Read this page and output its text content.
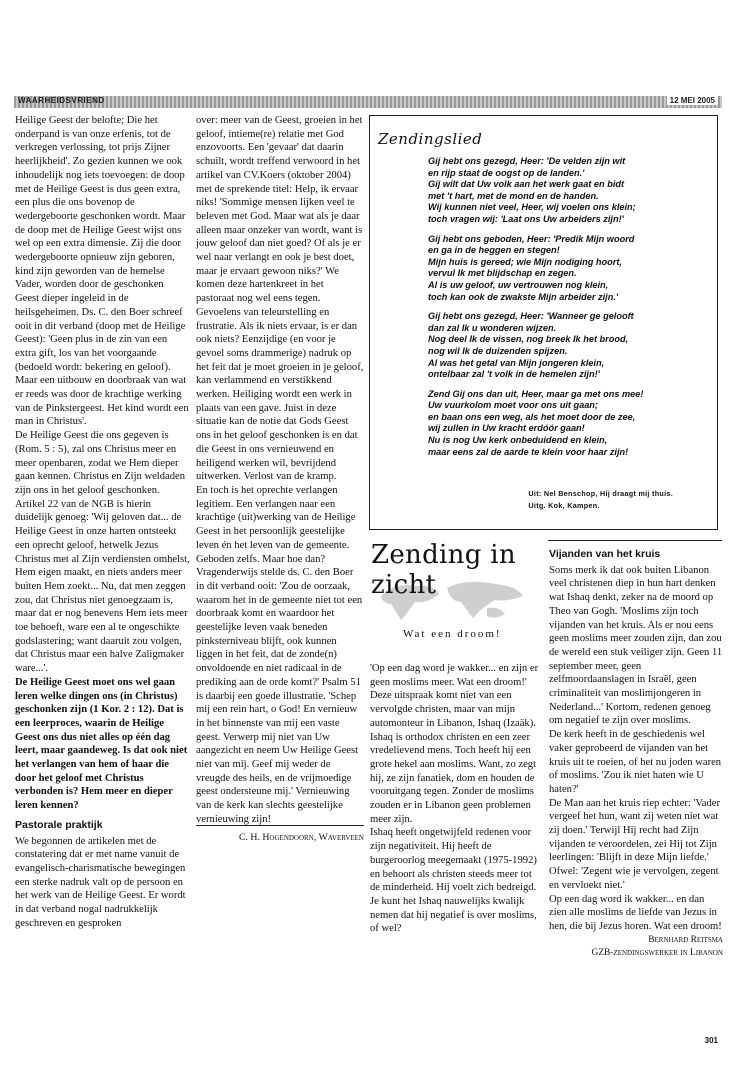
WAARHEIDSVRIEND	12 MEI 2005

Heilige Geest der belofte; Die het onderpand is van onze erfenis, tot de verkregen verlossing, tot prijs Zijner heerlijkheid'. Zo gezien kunnen we ook inhoudelijk nog iets toevoegen: de doop met de Heilige Geest is dus geen extra, een plus die ons bovenop de wedergeboorte geschonken wordt. Maar de doop met de Heilige Geest wijst ons wel op een extra dimensie. Zij die door wedergeboorte opnieuw zijn geboren, kind zijn geworden van de hemelse Vader, worden door de geschonken Geest dieper ingeleid in de heilsgeheimen. Ds. C. den Boer schreef ooit in dit verband (doop met de Heilige Geest): 'Geen plus in de zin van een extra gift, los van het voorgaande (bedoeld wordt: bekering en geloof). Maar een uitbouw en doorbraak van wat er reeds was door de krachtige werking van de Pinkstergeest. Het kind wordt een man in Christus'.

De Heilige Geest die ons gegeven is (Rom. 5 : 5), zal ons Christus meer en meer openbaren, zodat we Hem dieper gaan kennen. Christus en Zijn weldaden zijn ons in het geloof geschonken. Artikel 22 van de NGB is hierin duidelijk genoeg: 'Wij geloven dat... de Heilige Geest in onze harten ontsteekt een oprecht geloof, hetwelk Jezus Christus met al Zijn verdiensten omhelst, Hem eigen maakt, en niets anders meer buiten Hem zoekt... Nu, dat men zeggen zou, dat Christus niet genoegzaam is, maar dat er nog benevens Hem iets meer toe behoeft, ware een al te ongeschikte godslastering; want daaruit zou volgen, dat Christus maar een halve Zaligmaker ware...'.

De Heilige Geest moet ons wel gaan leren welke dingen ons (in Christus) geschonken zijn (1 Kor. 2 : 12). Dat is een leerproces, waarin de Heilige Geest ons dus niet alles op één dag leert, maar gaandeweg. Is dat ook niet het verlangen van hem of haar die door het geloof met Christus verbonden is? Hem meer en dieper leren kennen?

Pastorale praktijk

We begonnen de artikelen met de constatering dat er met name vanuit de evangelisch-charismatische bewegingen een sterke nadruk valt op de persoon en het werk van de Heilige Geest. Er wordt in dat verband nogal nadrukkelijk geschreven en gesproken

over: meer van de Geest, groeien in het geloof, intieme(re) relatie met God enzovoorts. Een 'gevaar' dat daarin schuilt, wordt treffend verwoord in het artikel van CV.Koers (oktober 2004) met de sprekende titel: Help, ik ervaar niks! 'Sommige mensen lijken veel te beleven met God. Maar wat als je daar alleen maar onzeker van wordt, want is jouw geloof dan niet goed? Of als je er wel naar verlangt en ook je best doet, maar je ervaart gewoon niks?' We komen deze hartenkreet in het pastoraat nog wel eens tegen. Gevoelens van teleurstelling en frustratie. Als ik niets ervaar, is er dan ook niets? Eenzijdige (en voor je gevoel soms drammerige) nadruk op het feit dat je moet groeien in je geloof, kan verlammend en verstikkend werken. Heiliging wordt een werk in plaats van een gave. Juist in deze situatie kan de notie dat Gods Geest ons in het geloof geschonken is en dat die Geest in ons vernieuwend en heiligend werken wil, bevrijdend uitwerken. Verlost van de kramp.

En toch is het oprechte verlangen legitiem. Een verlangen naar een krachtige (uit)werking van de Heilige Geest in het persoonlijk geestelijke leven én het leven van de gemeente. Geboden zelfs. Maar hoe dan? Vragenderwijs stelde ds. C. den Boer in dit verband ooit: 'Zou de oorzaak, waarom het in de gemeente niet tot een doorbraak komt en waardoor het geestelijke leven vaak beneden pinksterniveau blijft, ook kunnen liggen in het feit, dat de zonde(n) onvoldoende en niet radicaal in de prediking aan de orde komt?' Psalm 51 is daarbij een goede illustratie. 'Schep mij een rein hart, o God! En vernieuw in het binnenste van mij een vaste geest. Verwerp mij niet van Uw aangezicht en neem Uw Heilige Geest niet van mij. Geef mij weder de vreugde des heils, en de vrijmoedige geest ondersteune mij.' Vernieuwing van de kerk kan slechts geestelijke vernieuwing zijn!

C. H. Hogendoorn, Waverveen
Zendingslied
Gij hebt ons gezegd, Heer: 'De velden zijn wit
en rijp staat de oogst op de landen.'
Gij wilt dat Uw volk aan het werk gaat en bidt
met 't hart, met de mond en de handen.
Wij kunnen niet veel, Heer, wij voelen ons klein;
toch vragen wij: 'Laat ons Uw arbeiders zijn!'
Gij hebt ons geboden, Heer: 'Predik Mijn woord
en ga in de heggen en stegen!
Mijn huis is gereed; wie Mijn nodiging hoort,
vervul Ik met blijdschap en zegen.
Al is uw geloof, uw vertrouwen nog klein,
toch kan ook de zwakste Mijn arbeider zijn.'
Gij hebt ons gezegd, Heer: 'Wanneer ge gelooft
dan zal Ik u wonderen wijzen.
Nog deel Ik de vissen, nog breek Ik het brood,
nog wil Ik de duizenden spijzen.
Al was het getal van Mijn jongeren klein,
ontelbaar zal 't volk in de hemelen zijn!'
Zend Gij ons dan uit, Heer, maar ga met ons mee!
Uw vuurkolom moet voor ons uit gaan;
en baan ons een weg, als het moet door de zee,
wij zullen in Uw kracht erdóór gaan!
Nu is nog Uw kerk onbeduidend en klein,
maar eens zal de aarde te klein voor haar zijn!
Uit: Nel Benschop, Hij draagt mij thuis.
Uitg. Kok, Kampen.
Zending in zicht
Wat een droom!

'Op een dag word je wakker... en zijn er geen moslims meer. Wat een droom!'

Deze uitspraak komt niet van een vervolgde christen, maar van mijn automonteur in Libanon, Ishaq (Izaäk). Ishaq is orthodox christen en een zeer vredelievend mens. Toch heeft hij een grote hekel aan moslims. Want, zo zegt hij, ze zijn fanatiek, dom en houden de vooruitgang tegen. Zonder de moslims zouden er in Libanon geen problemen meer zijn.

Ishaq heeft ongetwijfeld redenen voor zijn negativiteit. Hij heeft de burgeroorlog meegemaakt (1975-1992) en behoort als christen steeds meer tot de minderheid. Hij voelt zich bedreigd. Je kunt het Ishaq nauwelijks kwalijk nemen dat hij negatief is over moslims, of wel?

Vijanden van het kruis

Soms merk ik dat ook buiten Libanon veel christenen diep in hun hart denken wat Ishaq denkt, zeker na de moord op Theo van Gogh. 'Moslims zijn toch vijanden van het kruis. Als er nou eens geen moslims meer zouden zijn, dan zou de wereld een stuk veiliger zijn. Geen 11 september meer, geen zelfmoordaanslagen in Israël, geen criminaliteit van moslimjongeren in Nederland...' Kortom, redenen genoeg om negatief te zijn over moslims.

De kerk heeft in de geschiedenis wel vaker geprobeerd de vijanden van het kruis uit te roeien, of het nu joden waren of moslims. 'Zou ik niet haten wie U haten?'

De Man aan het kruis riep echter: 'Vader vergeef het hun, want zij weten niet wat zij doen.' Terwijl Hij recht had Zijn vijanden te veroordelen, zei Hij tot Zijn leerlingen: 'Blijft in deze Mijn liefde.' Ofwel: 'Zegent wie je vervolgen, zegent en vervloekt niet.'

Op een dag word ik wakker... en dan zien alle moslims de liefde van Jezus in hen, die bij Jezus horen. Wat een droom!

Bernhard Reitsma
GZB-zendingswerker in Libanon
301
